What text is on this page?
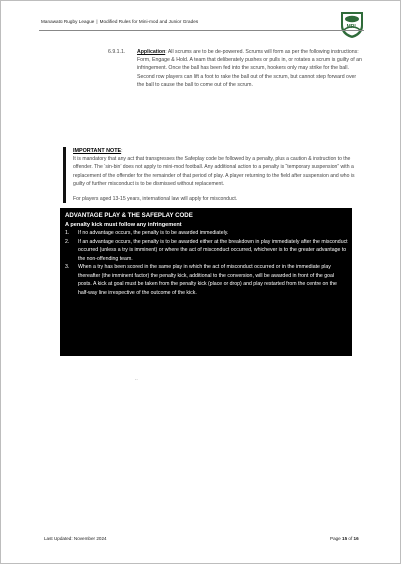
Manawatū Rugby League | Modified Rules for Mini-mod and Junior Grades
MRL
6.9.1.1. Application: All scrums are to be de-powered. Scrums will form as per the following instructions: Form, Engage & Hold. A team that deliberately pushes or pulls in, or rotates a scrum is guilty of an infringement. Once the ball has been fed into the scrum, hookers only may strike for the ball. Second row players can lift a foot to rake the ball out of the scrum, but cannot step forward over the ball to cause the ball to come out of the scrum.

IMPORTANT NOTE:

It is mandatory that any act that transgresses the Safeplay code be followed by a penalty, plus a caution & instruction to the offender. The ‘sin-bin’ does not apply to mini-mod football. Any additional action to a penalty is “temporary suspension” with a replacement of the offender for the remainder of that period of play. A player returning to the field after suspension and who is guilty of further misconduct is to be dismissed without replacement.

For players aged 13-15 years, international law will apply for misconduct.

ADVANTAGE PLAY & THE SAFEPLAY CODE
A penalty kick must follow any infringement
1. If no advantage occurs, the penalty is to be awarded immediately.
2. If an advantage occurs, the penalty is to be awarded either at the breakdown in play immediately after the misconduct occurred (unless a try is imminent) or where the act of misconduct occurred, whichever is to the greater advantage to the non-offending team.
3. When a try has been scored in the same play in which the act of misconduct occurred or in the immediate play thereafter (the imminent factor) the penalty kick, additional to the conversion, will be awarded in front of the goal posts. A kick at goal must be taken from the penalty kick (place or drop) and play restarted from the centre on the half-way line irrespective of the outcome of the kick.
..
Last Updated: November 2024	Page 15 of 16
